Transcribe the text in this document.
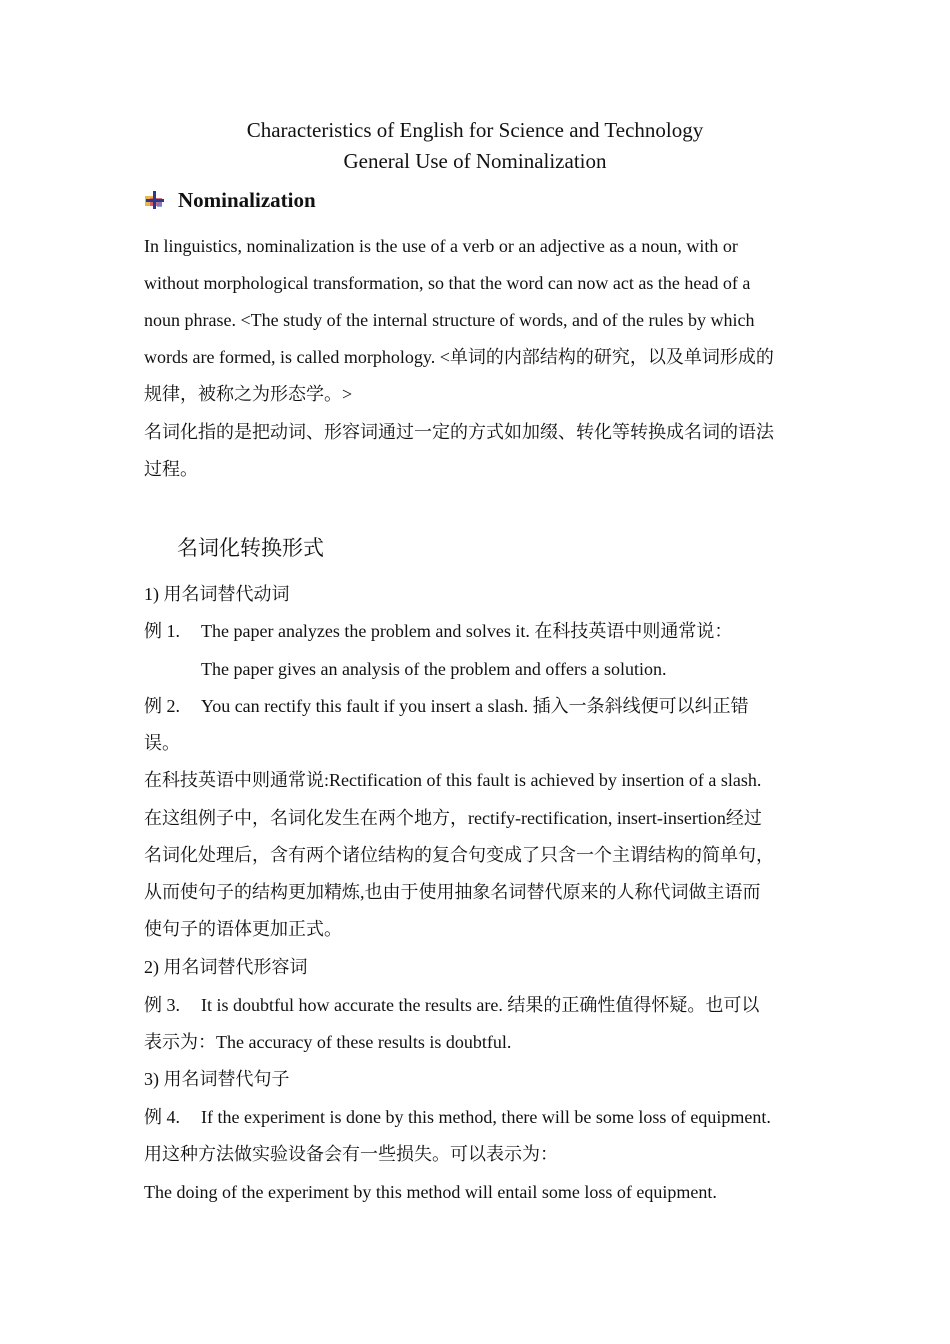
Characteristics of English for Science and Technology
General Use of Nominalization
Nominalization
In linguistics, nominalization is the use of a verb or an adjective as a noun, with or
without morphological transformation, so that the word can now act as the head of a
noun phrase. <The study of the internal structure of words, and of the rules by which
words are formed, is called morphology. <单词的内部结构的研究，以及单词形成的
规律，被称之为形态学。>
名词化指的是把动词、形容词通过一定的方式如加缀、转化等转换成名词的语法
过程。
名词化转换形式
1) 用名词替代动词
例 1. The paper analyzes the problem and solves it. 在科技英语中则通常说：
The paper gives an analysis of the problem and offers a solution.
例 2. You can rectify this fault if you insert a slash. 插入一条斜线便可以纠正错
误。
在科技英语中则通常说:Rectification of this fault is achieved by insertion of a slash.
在这组例子中，名词化发生在两个地方，rectify-rectification, insert-insertion经过
名词化处理后，含有两个诸位结构的复合句变成了只含一个主谓结构的简单句，
从而使句子的结构更加精炼,也由于使用抽象名词替代原来的人称代词做主语而
使句子的语体更加正式。
2) 用名词替代形容词
例 3. It is doubtful how accurate the results are. 结果的正确性值得怀疑。也可以
表示为：The accuracy of these results is doubtful.
3) 用名词替代句子
例 4. If the experiment is done by this method, there will be some loss of equipment.
用这种方法做实验设备会有一些损失。可以表示为：
The doing of the experiment by this method will entail some loss of equipment.
